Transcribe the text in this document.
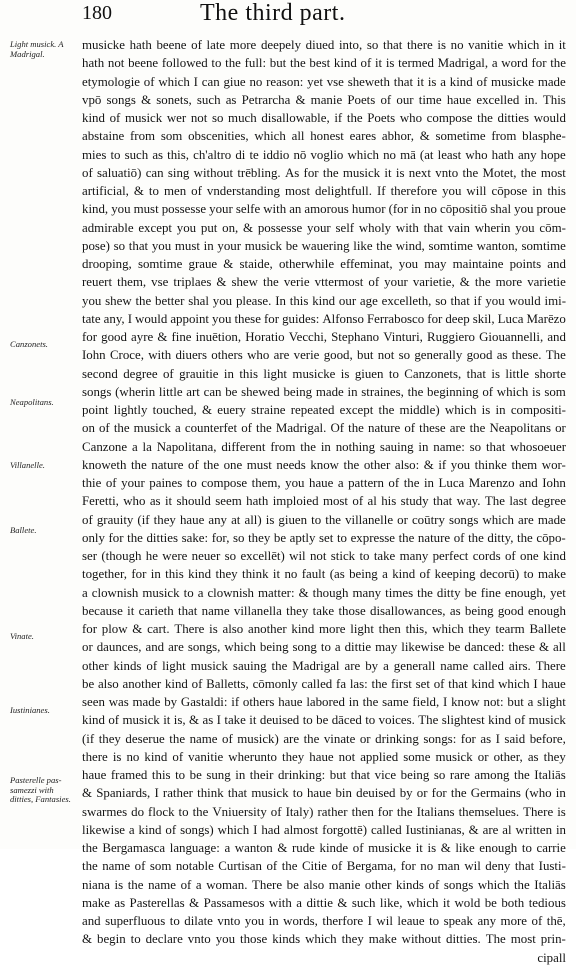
180	The third part.
Light musick. A Madrigal.
Canzonets.
Neapolitans.
Villanelle.
Ballete.
Vinate.
Iustinianes.
Pasterelle pas-samezzi with ditties, Fantasies.
musicke hath beene of late more deepely diued into, so that there is no vanitie which in it
hath not beene followed to the full: but the best kind of it is termed Madrigal, a word for the
etymologie of which I can giue no reason: yet vse sheweth that it is a kind of musicke made
vpō songs & sonets, such as Petrarcha & manie Poets of our time haue excelled in. This
kind of musick wer not so much disallowable, if the Poets who compose the ditties would
abstaine from som obscenities, which all honest eares abhor, & sometime from blasphe-
mies to such as this, ch'altro di te iddio nō voglio which no mā (at least who hath any hope
of saluatiō) can sing without trēbling. As for the musick it is next vnto the Motet, the most
artificial, & to men of vnderstanding most delightfull. If therefore you will cōpose in this
kind, you must possesse your selfe with an amorous humor (for in no cōpositiō shal you proue
admirable except you put on, & possesse your self wholy with that vain wherin you cōm-
pose) so that you must in your musick be wauering like the wind, somtime wanton, somtime
drooping, somtime graue & staide, otherwhile effeminat, you may maintaine points and
reuert them, vse triplaes & shew the verie vttermost of your varietie, & the more varietie
you shew the better shal you please. In this kind our age excelleth, so that if you would imi-
tate any, I would appoint you these for guides: Alfonso Ferrabosco for deep skil, Luca Marēzo
for good ayre & fine inuētion, Horatio Vecchi, Stephano Vinturi, Ruggiero Giouannelli, and
Iohn Croce, with diuers others who are verie good, but not so generally good as these. The
second degree of grauitie in this light musicke is giuen to Canzonets, that is little shorte
songs (wherin little art can be shewed being made in straines, the beginning of which is som
point lightly touched, & euery straine repeated except the middle) which is in compositi-
on of the musick a counterfet of the Madrigal. Of the nature of these are the Neapolitans or
Canzone a la Napolitana, different from the in nothing sauing in name: so that whosoeuer
knoweth the nature of the one must needs know the other also: & if you thinke them wor-
thie of your paines to compose them, you haue a pattern of the in Luca Marenzo and Iohn
Feretti, who as it should seem hath imploied most of al his study that way. The last degree
of grauity (if they haue any at all) is giuen to the villanelle or coūtry songs which are made
only for the ditties sake: for, so they be aptly set to expresse the nature of the ditty, the cōpo-
ser (though he were neuer so excellēt) wil not stick to take many perfect cords of one kind
together, for in this kind they think it no fault (as being a kind of keeping decorū) to make
a clownish musick to a clownish matter: & though many times the ditty be fine enough, yet
because it carieth that name villanella they take those disallowances, as being good enough
for plow & cart. There is also another kind more light then this, which they tearm Ballete
or daunces, and are songs, which being song to a dittie may likewise be danced: these & all
other kinds of light musick sauing the Madrigal are by a generall name called airs. There
be also another kind of Balletts, cōmonly called fa las: the first set of that kind which I haue
seen was made by Gastaldi: if others haue labored in the same field, I know not: but a slight
kind of musick it is, & as I take it deuised to be dāced to voices. The slightest kind of musick
(if they deserue the name of musick) are the vinate or drinking songs: for as I said before,
there is no kind of vanitie wherunto they haue not applied some musick or other, as they
haue framed this to be sung in their drinking: but that vice being so rare among the Italiās
& Spaniards, I rather think that musick to haue bin deuised by or for the Germains (who in
swarmes do flock to the Vniuersity of Italy) rather then for the Italians themselues. There is
likewise a kind of songs) which I had almost forgottē) called Iustinianas, & are al written in
the Bergamasca language: a wanton & rude kinde of musicke it is & like enough to carrie
the name of som notable Curtisan of the Citie of Bergama, for no man wil deny that Iusti-
niana is the name of a woman. There be also manie other kinds of songs which the Italiās
make as Pasterellas & Passamesos with a dittie & such like, which it wold be both tedious
and superfluous to dilate vnto you in words, therfore I wil leaue to speak any more of thē,
& begin to declare vnto you those kinds which they make without ditties. The most prin-
cipall
